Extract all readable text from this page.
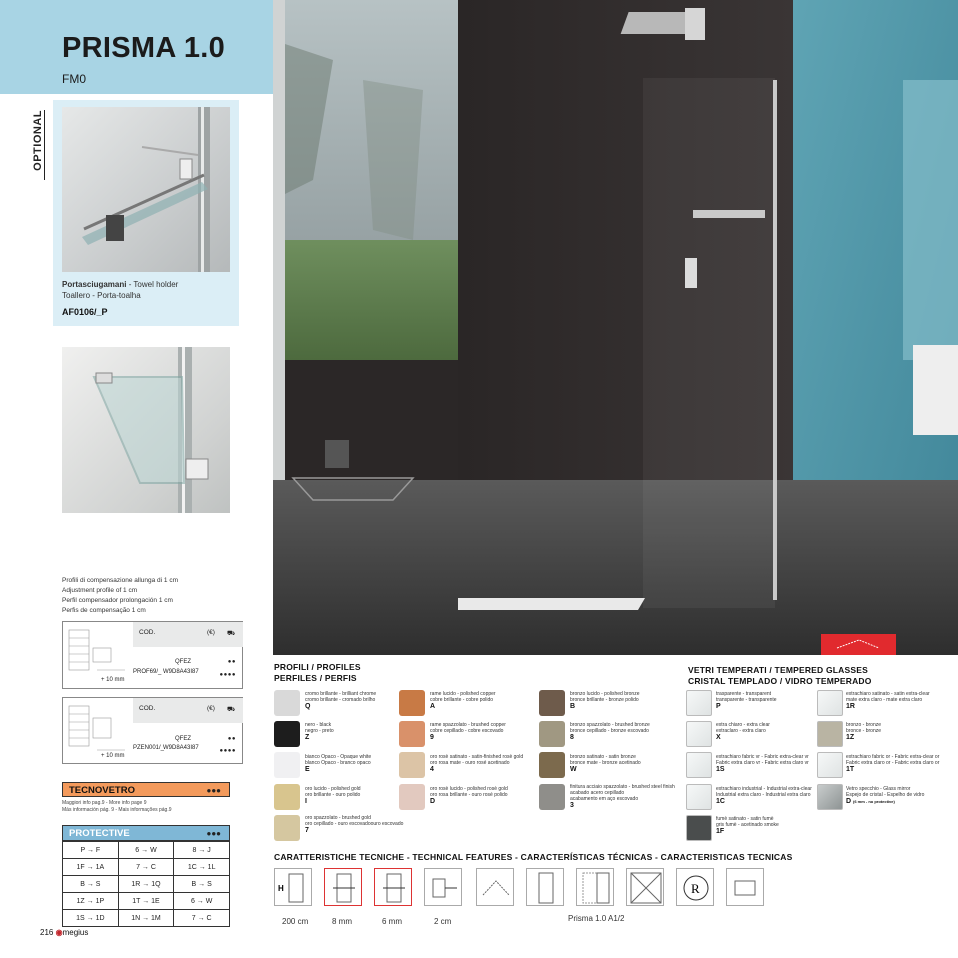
PRISMA 1.0
FM0
OPTIONAL
Portasciugamani - Towel holder
Toallero - Porta-toalha
AF0106/_P
Profili di compensazione allunga di 1 cm
Adjustment profile of 1 cm
Perfil compensador prolongación 1 cm
Perfis de compensação 1 cm
COD.	(€) ⛟
QFEZ	●●
PROF69/_ W9D8A43I87	●●●●
+ 10 mm
COD.	(€) ⛟
QFEZ	●●
PZEN001/_
W9D8A43I87	●●●●
+ 10 mm
TECNOVETRO	●●●
Maggiori info pag.9 - More info page 9
Más información pág. 9 - Mais informações pág.9
PROTECTIVE	●●●
P → F	6 → W	8 → J
1F → 1A	7 → C	1C → 1L
B → S	1R → 1Q	B → S
1Z → 1P	1T → 1E	6 → W
1S → 1D	1N → 1M	7 → C
216 ◉megius
PROFILI / PROFILES
PERFILES / PERFIS
cromo brillante - brilliant chrome
cromo brillante - cromado brilho
Q
nero - black
negro - preto
Z
bianco Opaco - Opaque white
blanco Opaco - branco opaco
E
oro lucido - polished gold
oro brillante - ouro polido
I
oro spazzolato - brushed gold
oro cepillado - ouro escovadoouro escovado
7
rame lucido - polished copper
cobre brillante - cobre polido
A
rame spazzolato - brushed copper
cobre cepillado - cobre escovado
9
oro rosè satinato - satin-finished rosè gold
oro rosa mate - ouro rosé acetinado
4
oro rosè lucido - polished rosè gold
oro rosa brillante - ouro rosé polido
D
bronzo lucido - polished bronze
bronce brillante - bronze polido
B
bronzo spazzolato - brushed bronze
bronce cepillado - bronze escovado
8
bronzo satinato - satin bronze
bronce mate - bronze acetinado
W
finitura acciaio spazzolato - brushed steel finish
acabado acero cepillado
acabamento em aço escovado
3
VETRI TEMPERATI / TEMPERED GLASSES
CRISTAL TEMPLADO / VIDRO TEMPERADO
trasparente - transparent
transparente - transparente
P
extra chiaro - extra clear
extraclaro - extra claro
X
extrachiaro fabric vr - Fabric extra-clear vr
Fabric extra claro vr - Fabric extra claro vr
1S
extrachiaro industrial - Industrial extra-clear
Industrial extra claro - Industrial extra claro
1C
fumè satinato - satin fumè
gris fumè - acetinado smoke
1F
extrachiaro satinato - satin extra-clear
mate extra claro - mate extra claro
1R
bronzo - bronze
bronce - bronze
1Z
extrachiaro fabric or - Fabric extra-clear or
Fabric extra claro or - Fabric extra claro or
1T
Vetro specchio - Glass mirror
Espejo de cristal - Espelho de vidro
D (6 mm - no protective)
CARATTERISTICHE TECNICHE - TECHNICAL FEATURES - CARACTERÍSTICAS TÉCNICAS - CARACTERISTICAS TECNICAS
H	R
200 cm	8 mm	6 mm	2 cm	Prisma 1.0 A1/2
